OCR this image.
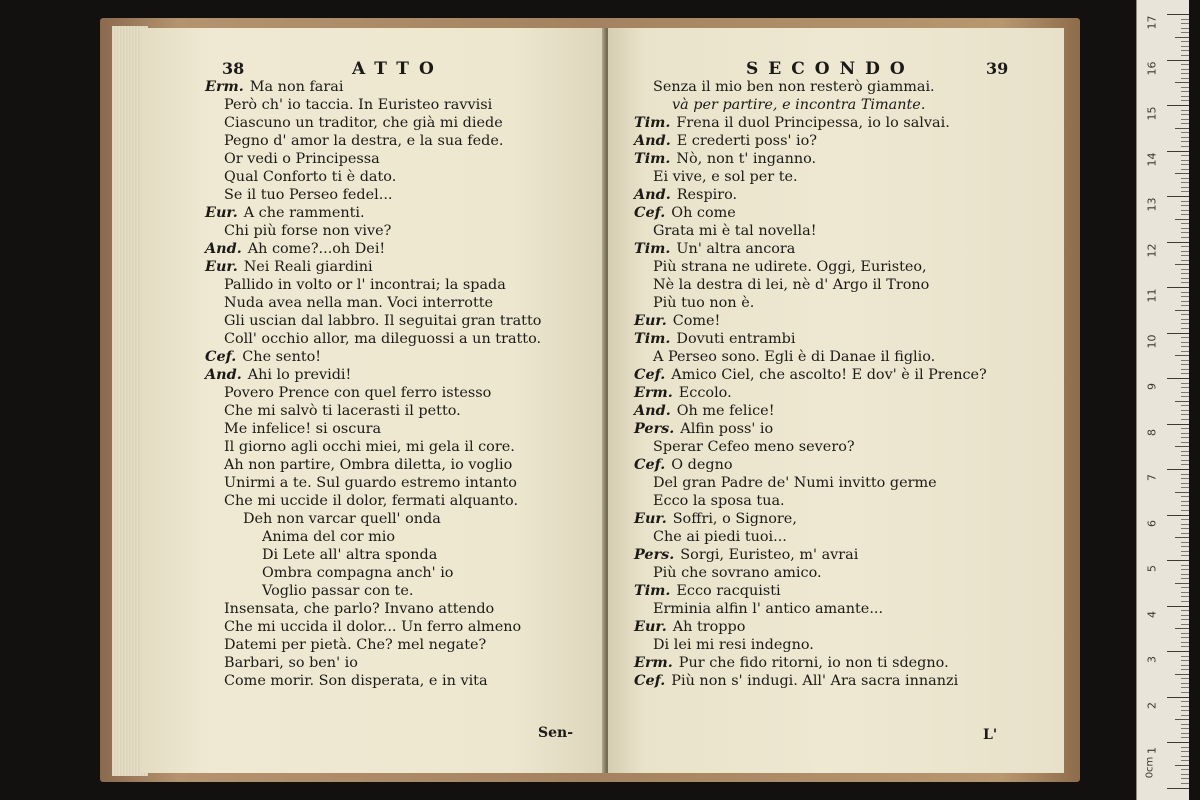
38	ATTO
Erm. Ma non farai
Però ch' io taccia. In Euristeo ravvisi
Ciascuno un traditor, che già mi diede
Pegno d' amor la destra, e la sua fede.
Or vedi o Principessa
Qual Conforto ti è dato.
Se il tuo Perseo fedel...
Eur. A che rammenti.
Chi più forse non vive?
And. Ah come?...oh Dei!
Eur. Nei Reali giardini
Pallido in volto or l' incontrai; la spada
Nuda avea nella man. Voci interrotte
Gli uscian dal labbro. Il seguitai gran tratto
Coll' occhio allor, ma dileguossi a un tratto.
Cef. Che sento!
And. Ahi lo previdi!
Povero Prence con quel ferro istesso
Che mi salvò ti lacerasti il petto.
Me infelice! si oscura
Il giorno agli occhi miei, mi gela il core.
Ah non partire, Ombra diletta, io voglio
Unirmi a te. Sul guardo estremo intanto
Che mi uccide il dolor, fermati alquanto.
Deh non varcar quell' onda
Anima del cor mio
Di Lete all' altra sponda
Ombra compagna anch' io
Voglio passar con te.
Insensata, che parlo? Invano attendo
Che mi uccida il dolor... Un ferro almeno
Datemi per pietà. Che? mel negate?
Barbari, so ben' io
Come morir. Son disperata, e in vita
Sen-
SECONDO	39
Senza il mio ben non resterò giammai.
và per partire, e incontra Timante.
Tim. Frena il duol Principessa, io lo salvai.
And. E crederti poss' io?
Tim. Nò, non t' inganno.
Ei vive, e sol per te.
And. Respiro.
Cef. Oh come
Grata mi è tal novella!
Tim. Un' altra ancora
Più strana ne udirete. Oggi, Euristeo,
Nè la destra di lei, nè d' Argo il Trono
Più tuo non è.
Eur. Come!
Tim. Dovuti entrambi
A Perseo sono. Egli è di Danae il figlio.
Cef. Amico Ciel, che ascolto! E dov' è il Prence?
Erm. Eccolo.
And. Oh me felice!
Pers. Alfin poss' io
Sperar Cefeo meno severo?
Cef. O degno
Del gran Padre de' Numi invitto germe
Ecco la sposa tua.
Eur. Soffri, o Signore,
Che ai piedi tuoi...
Pers. Sorgi, Euristeo, m' avrai
Più che sovrano amico.
Tim. Ecco racquisti
Erminia alfin l' antico amante...
Eur. Ah troppo
Di lei mi resi indegno.
Erm. Pur che fido ritorni, io non ti sdegno.
Cef. Più non s' indugi. All' Ara sacra innanzi
L'
0cm
17
16
15
14
13
12
11
10
9
8
7
6
5
4
3
2
1
